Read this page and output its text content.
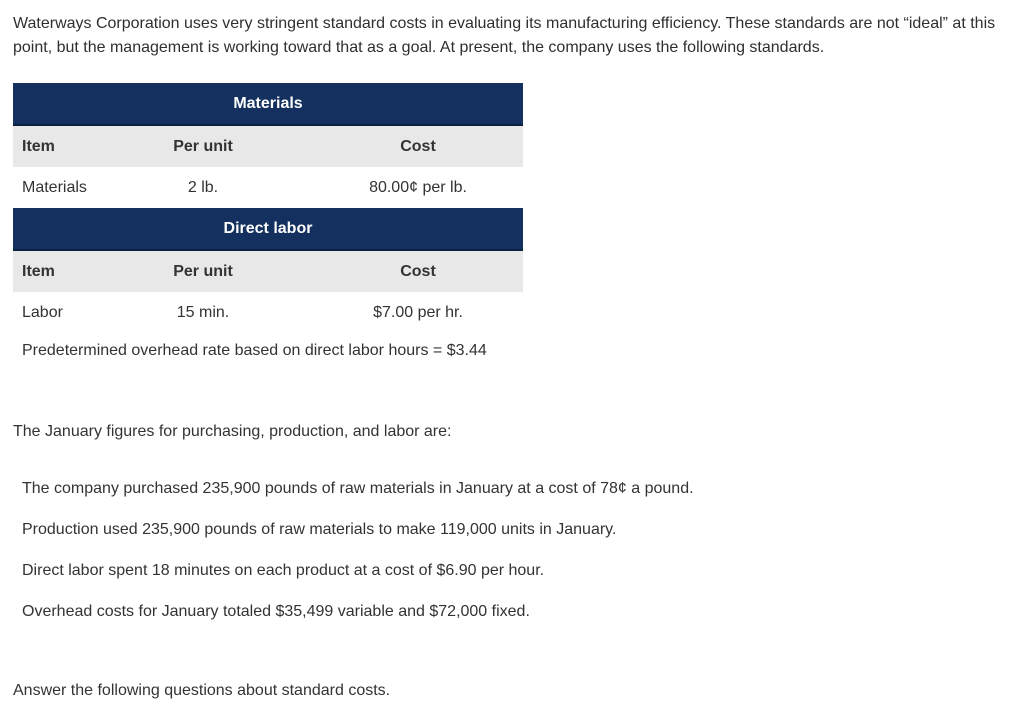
Waterways Corporation uses very stringent standard costs in evaluating its manufacturing efficiency. These standards are not “ideal” at this point, but the management is working toward that as a goal. At present, the company uses the following standards.

Materials		
Item	Per unit	Cost
Materials	2 lb.	80.00¢ per lb.
Direct labor		
Item	Per unit	Cost
Labor	15 min.	$7.00 per hr.

Predetermined overhead rate based on direct labor hours = $3.44

The January figures for purchasing, production, and labor are:

The company purchased 235,900 pounds of raw materials in January at a cost of 78¢ a pound.
Production used 235,900 pounds of raw materials to make 119,000 units in January.
Direct labor spent 18 minutes on each product at a cost of $6.90 per hour.
Overhead costs for January totaled $35,499 variable and $72,000 fixed.

Answer the following questions about standard costs.
